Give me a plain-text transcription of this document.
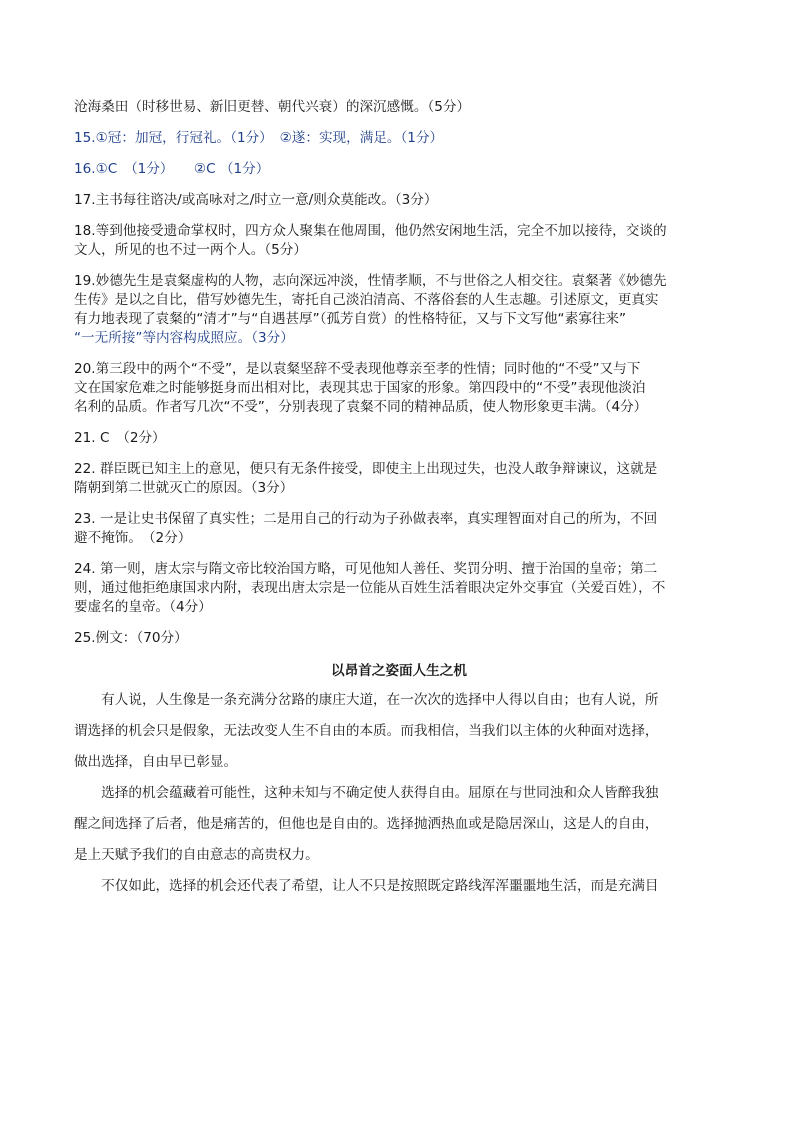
沧海桑田（时移世易、新旧更替、朝代兴衰）的深沉感慨。（5分）

15.①冠：加冠，行冠礼。（1分）　②遂：实现，满足。（1分）

16.①C　（1分）　　②C （1分）

17.主书每往谘决/或高咏对之/时立一意/则众莫能改。（3分）

18.等到他接受遗命掌权时，四方众人聚集在他周围，他仍然安闲地生活，完全不加以接待，交谈的

文人，所见的也不过一两个人。（5分）

19.妙德先生是袁粲虚构的人物，志向深远冲淡，性情孝顺，不与世俗之人相交往。袁粲著《妙德先

生传》是以之自比，借写妙德先生，寄托自己淡泊清高、不落俗套的人生志趣。引述原文，更真实

有力地表现了袁粲的“清才”与“自遇甚厚”（孤芳自赏）的性格特征，又与下文写他“素寡往来”

“一无所接”等内容构成照应。（3分）

20.第三段中的两个“不受”，是以袁粲坚辞不受表现他尊亲至孝的性情；同时他的“不受”又与下

文在国家危难之时能够挺身而出相对比，表现其忠于国家的形象。第四段中的“不受”表现他淡泊

名利的品质。作者写几次“不受”，分别表现了袁粲不同的精神品质，使人物形象更丰满。（4分）

21. C　（2分）

22. 群臣既已知主上的意见，便只有无条件接受，即使主上出现过失，也没人敢争辩谏议，这就是

隋朝到第二世就灭亡的原因。（3分）

23. 一是让史书保留了真实性；二是用自己的行动为子孙做表率，真实理智面对自己的所为，不回

避不掩饰。　（2分）

24. 第一则，唐太宗与隋文帝比较治国方略，可见他知人善任、奖罚分明、擅于治国的皇帝；第二

则，通过他拒绝康国求内附，表现出唐太宗是一位能从百姓生活着眼决定外交事宜（关爱百姓），不

要虚名的皇帝。（4分）

25.例文：（70分）

以昂首之姿面人生之机

　　有人说，人生像是一条充满分岔路的康庄大道，在一次次的选择中人得以自由；也有人说，所

谓选择的机会只是假象，无法改变人生不自由的本质。而我相信，当我们以主体的火种面对选择，

做出选择，自由早已彰显。

　　选择的机会蕴藏着可能性，这种未知与不确定使人获得自由。屈原在与世同浊和众人皆醉我独

醒之间选择了后者，他是痛苦的，但他也是自由的。选择抛洒热血或是隐居深山，这是人的自由，

是上天赋予我们的自由意志的高贵权力。

　　不仅如此，选择的机会还代表了希望，让人不只是按照既定路线浑浑噩噩地生活，而是充满目
